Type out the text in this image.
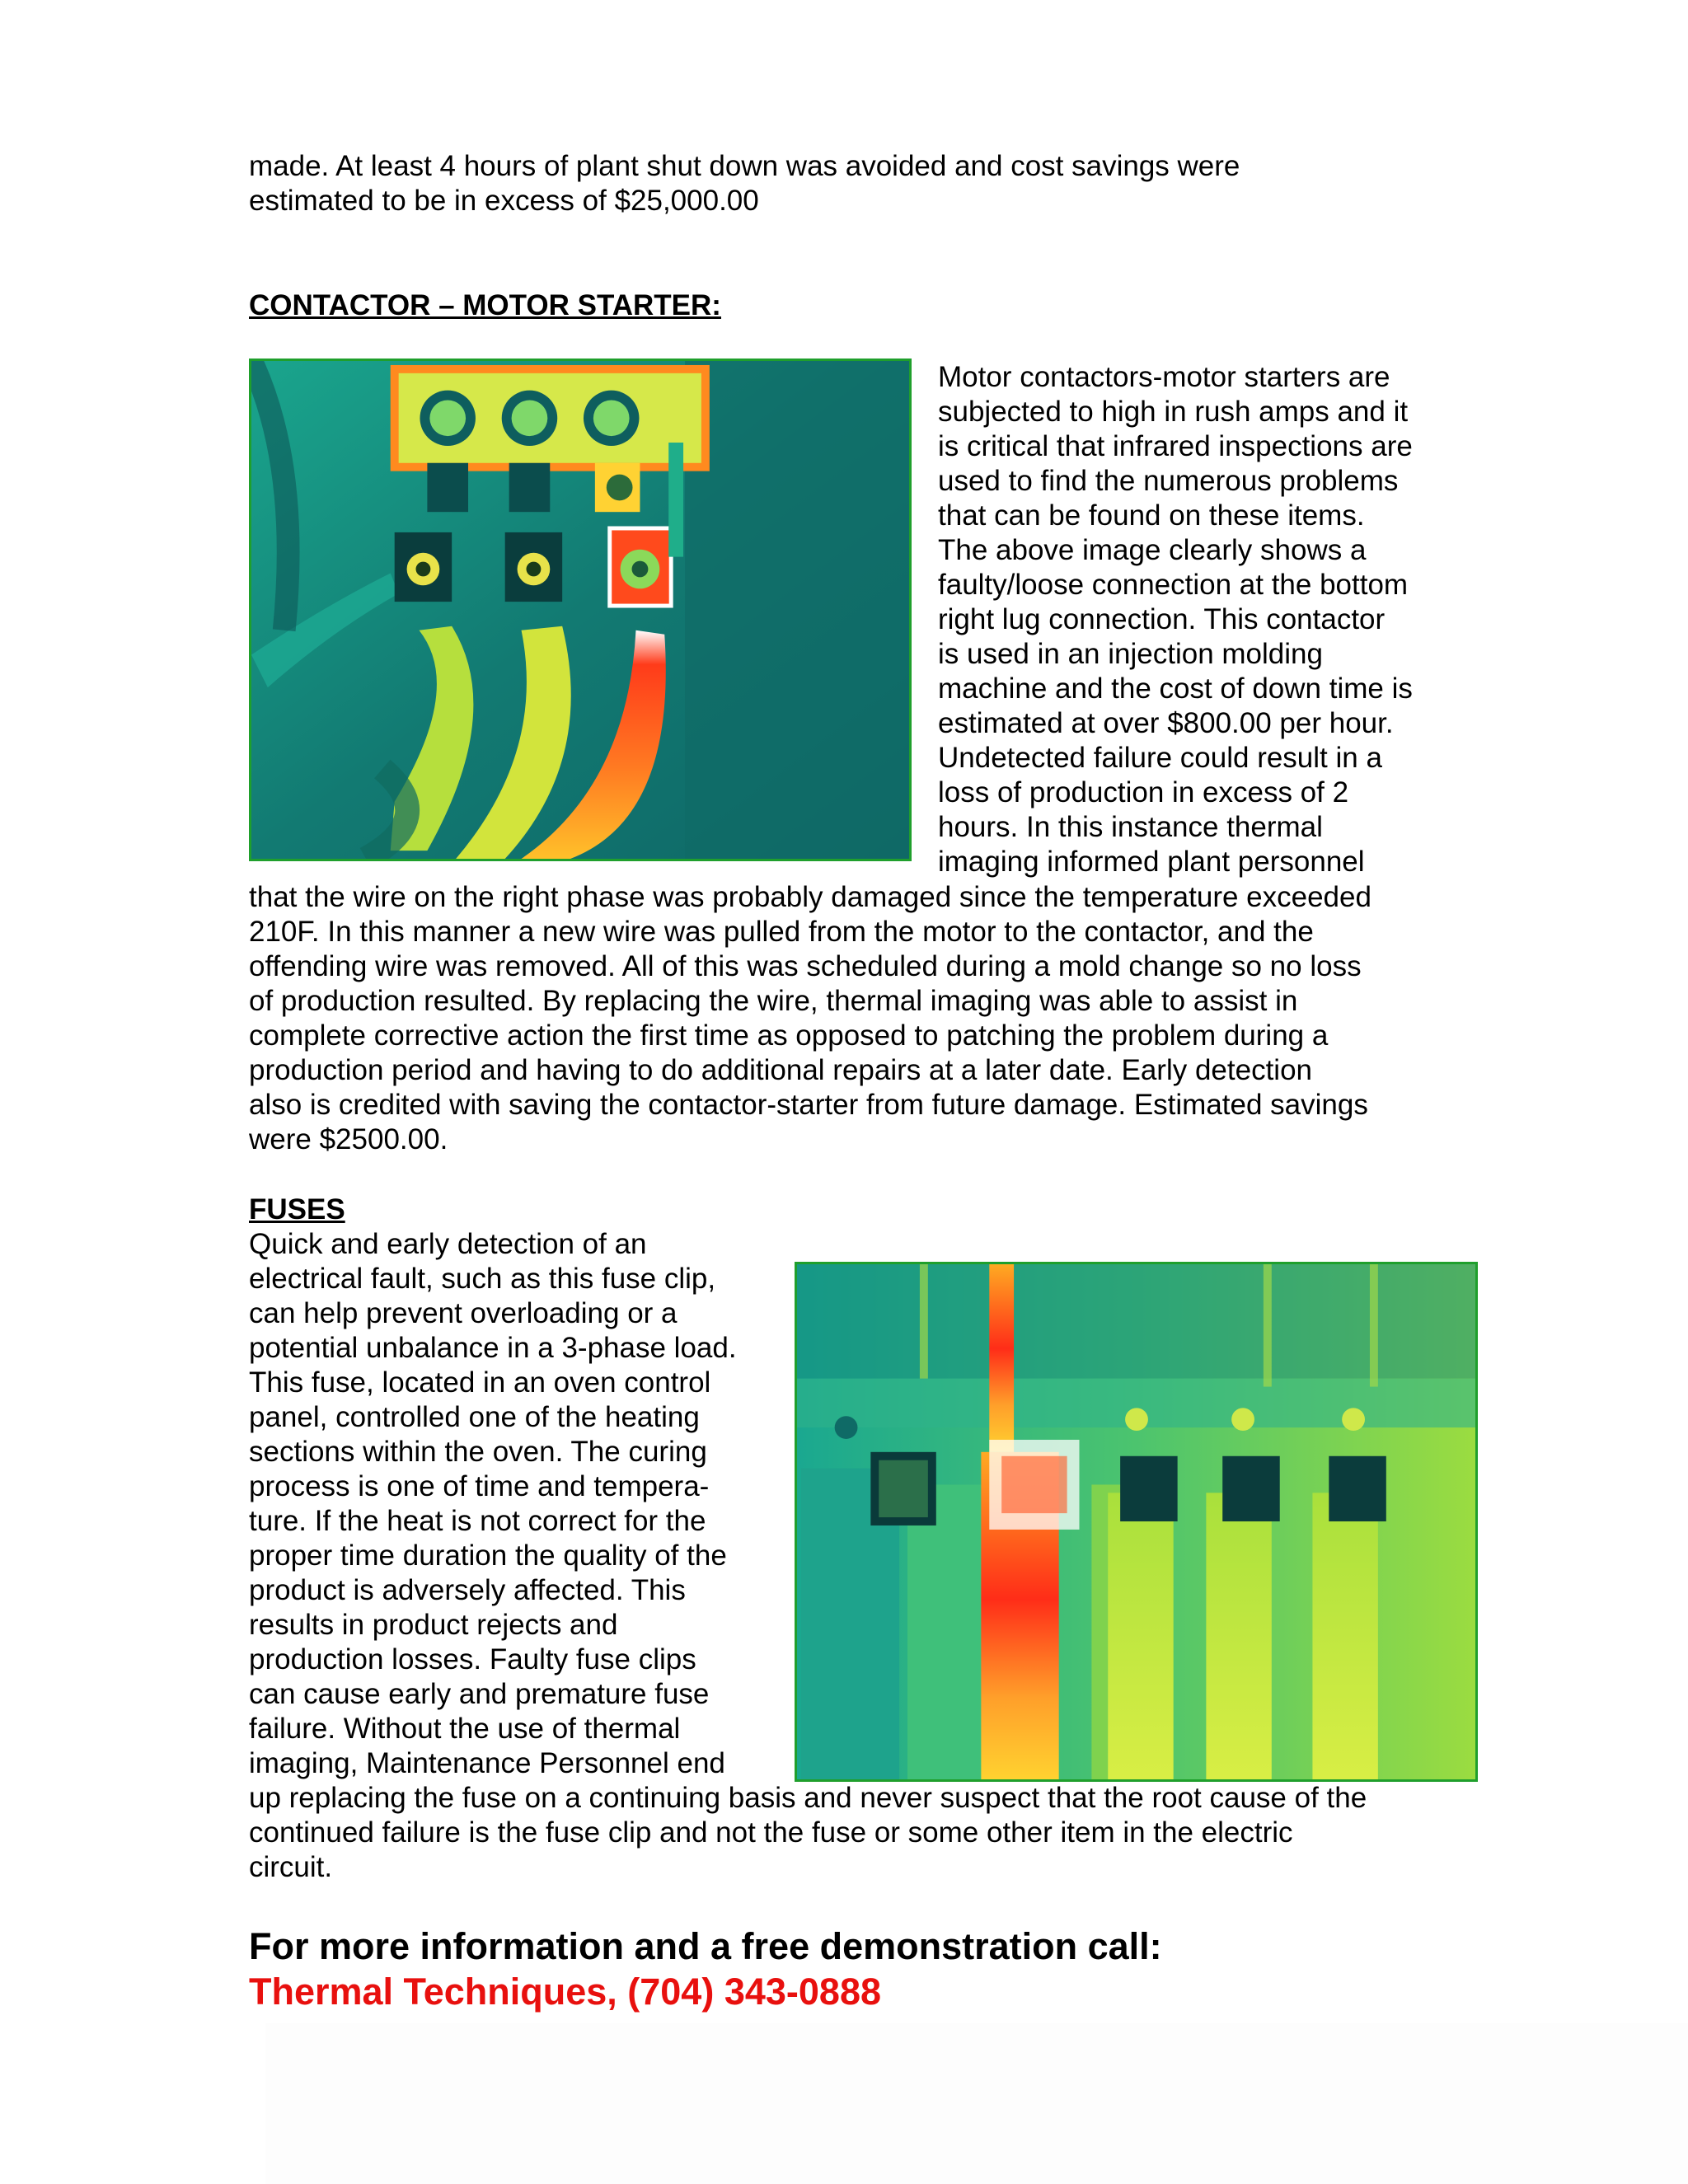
made. At least 4 hours of plant shut down was avoided and cost savings were

estimated to be in excess of $25,000.00

CONTACTOR – MOTOR STARTER:

Motor contactors-motor starters are

subjected to high in rush amps and it

is critical that infrared inspections are

used to find the numerous problems

that can be found on these items.

The above image clearly shows a

faulty/loose connection at the bottom

right lug connection. This contactor

is used in an injection molding

machine and the cost of down time is

estimated at over $800.00 per hour.

Undetected failure could result in a

loss of production in excess of 2

hours. In this instance thermal

imaging informed plant personnel

that the wire on the right phase was probably damaged since the temperature exceeded

210F. In this manner a new wire was pulled from the motor to the contactor, and the

offending wire was removed. All of this was scheduled during a mold change so no loss

of production resulted. By replacing the wire, thermal imaging was able to assist in

complete corrective action the first time as opposed to patching the problem during a

production period and having to do additional repairs at a later date. Early detection

also is credited with saving the contactor-starter from future damage. Estimated savings

were $2500.00.

FUSES

Quick and early detection of an

electrical fault, such as this fuse clip,

can help prevent overloading or a

potential unbalance in a 3-phase load.

This fuse, located in an oven control

panel, controlled one of the heating

sections within the oven. The curing

process is one of time and tempera-

ture. If the heat is not correct for the

proper time duration the quality of the

product is adversely affected. This

results in product rejects and

production losses. Faulty fuse clips

can cause early and premature fuse

failure. Without the use of thermal

imaging, Maintenance Personnel end

up replacing the fuse on a continuing basis and never suspect that the root cause of the

continued failure is the fuse clip and not the fuse or some other item in the electric

circuit.

For more information and a free demonstration call:

Thermal Techniques, (704) 343-0888
